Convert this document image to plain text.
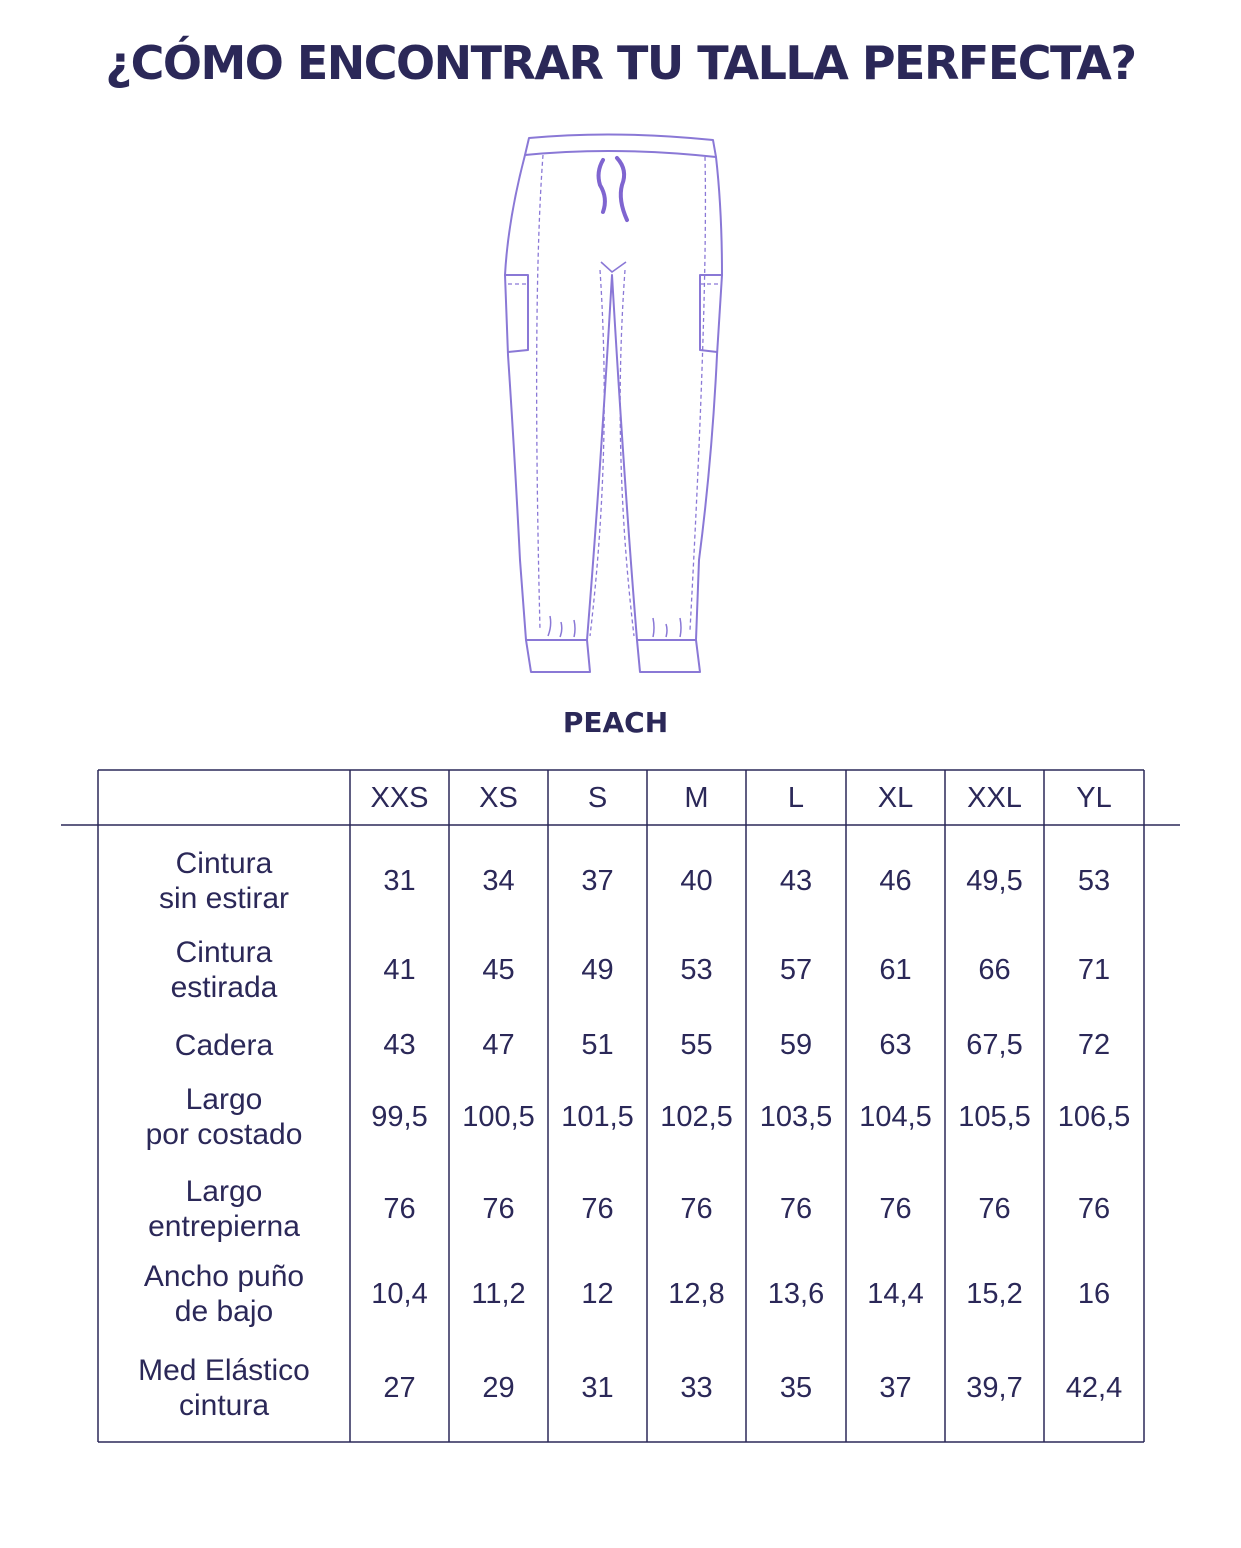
¿CÓMO ENCONTRAR TU TALLA PERFECTA?
PEACH
XXS	XS	S	M	L	XL	XXL	YL
Cintura
sin estirar
31	34	37	40	43	46	49,5	53
Cintura
estirada
41	45	49	53	57	61	66	71
Cadera	43	47	51	55	59	63	67,5	72
Largo
por costado
99,5	100,5 101,5 102,5 103,5 104,5 105,5 106,5
Largo
entrepierna
76	76	76	76	76	76	76	76
Ancho puño
de bajo
10,4	11,2	12	12,8	13,6	14,4	15,2	16
Med Elástico
cintura
27	29	31	33	35	37	39,7	42,4
